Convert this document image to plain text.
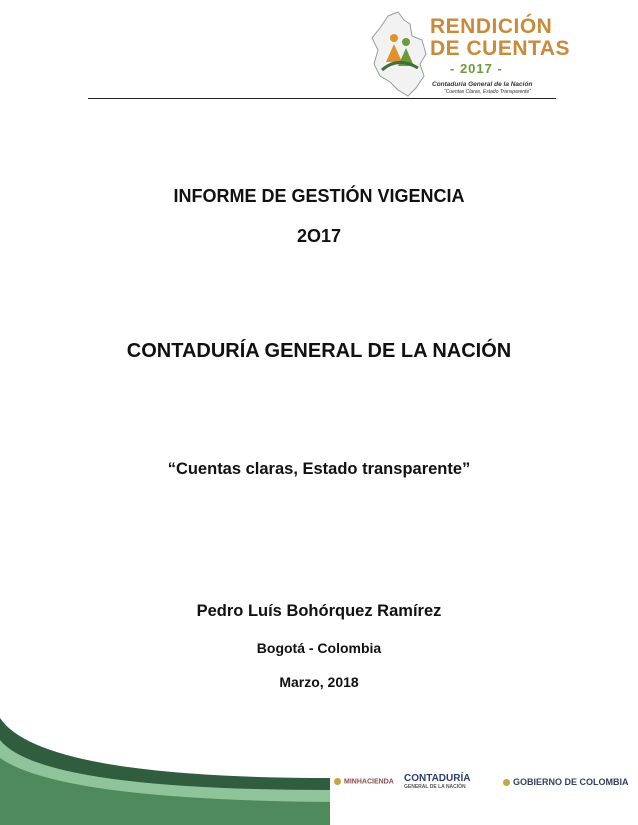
RENDICIÓN
DE CUENTAS
- 2017 -
Contaduría General de la Nación
“Cuentas Claras, Estado Transparente”
INFORME DE GESTIÓN VIGENCIA
2O17
CONTADURÍA GENERAL DE LA NACIÓN
“Cuentas claras, Estado transparente”
Pedro Luís Bohórquez Ramírez
Bogotá - Colombia
Marzo, 2018
MINHACIENDA CONTADURÍA
GENERAL DE LA NACIÓN	GOBIERNO DE COLOMBIA
